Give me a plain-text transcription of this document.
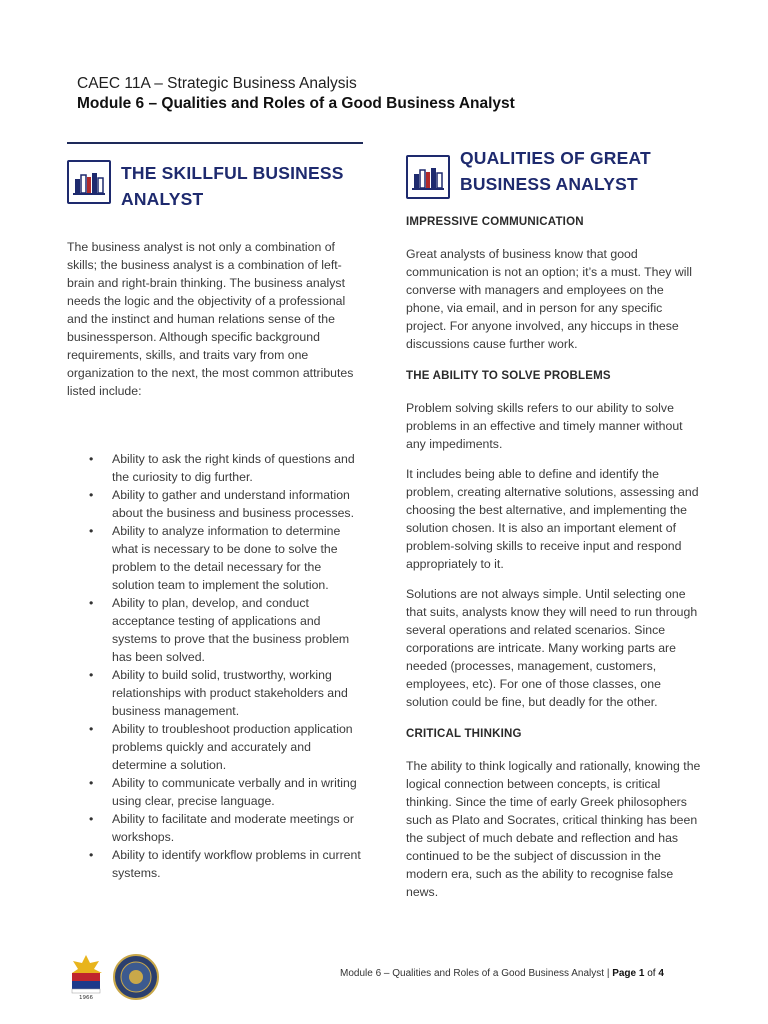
CAEC 11A – Strategic Business Analysis
Module 6 – Qualities and Roles of a Good Business Analyst
THE SKILLFUL BUSINESS
ANALYST

The business analyst is not only a combination of skills; the business analyst is a combination of left-brain and right-brain thinking. The business analyst needs the logic and the objectivity of a professional and the instinct and human relations sense of the businessperson. Although specific background requirements, skills, and traits vary from one organization to the next, the most common attributes listed include:

• Ability to ask the right kinds of questions and the curiosity to dig further.
• Ability to gather and understand information about the business and business processes.
• Ability to analyze information to determine what is necessary to be done to solve the problem to the detail necessary for the solution team to implement the solution.
• Ability to plan, develop, and conduct acceptance testing of applications and systems to prove that the business problem has been solved.
• Ability to build solid, trustworthy, working relationships with product stakeholders and business management.
• Ability to troubleshoot production application problems quickly and accurately and determine a solution.
• Ability to communicate verbally and in writing using clear, precise language.
• Ability to facilitate and moderate meetings or workshops.
• Ability to identify workflow problems in current systems.
QUALITIES OF GREAT
BUSINESS ANALYST

IMPRESSIVE COMMUNICATION

Great analysts of business know that good communication is not an option; it’s a must. They will converse with managers and employees on the phone, via email, and in person for any specific project. For anyone involved, any hiccups in these discussions cause further work.

THE ABILITY TO SOLVE PROBLEMS

Problem solving skills refers to our ability to solve problems in an effective and timely manner without any impediments.

It includes being able to define and identify the problem, creating alternative solutions, assessing and choosing the best alternative, and implementing the solution chosen. It is also an important element of problem-solving skills to receive input and respond appropriately to it.

Solutions are not always simple. Until selecting one that suits, analysts know they will need to run through several operations and related scenarios. Since corporations are intricate. Many working parts are needed (processes, management, customers, employees, etc). For one of those classes, one solution could be fine, but deadly for the other.

CRITICAL THINKING

The ability to think logically and rationally, knowing the logical connection between concepts, is critical thinking. Since the time of early Greek philosophers such as Plato and Socrates, critical thinking has been the subject of much debate and reflection and has continued to be the subject of discussion in the modern era, such as the ability to recognise false news.

1966
Module 6 – Qualities and Roles of a Good Business Analyst | Page 1 of 4
